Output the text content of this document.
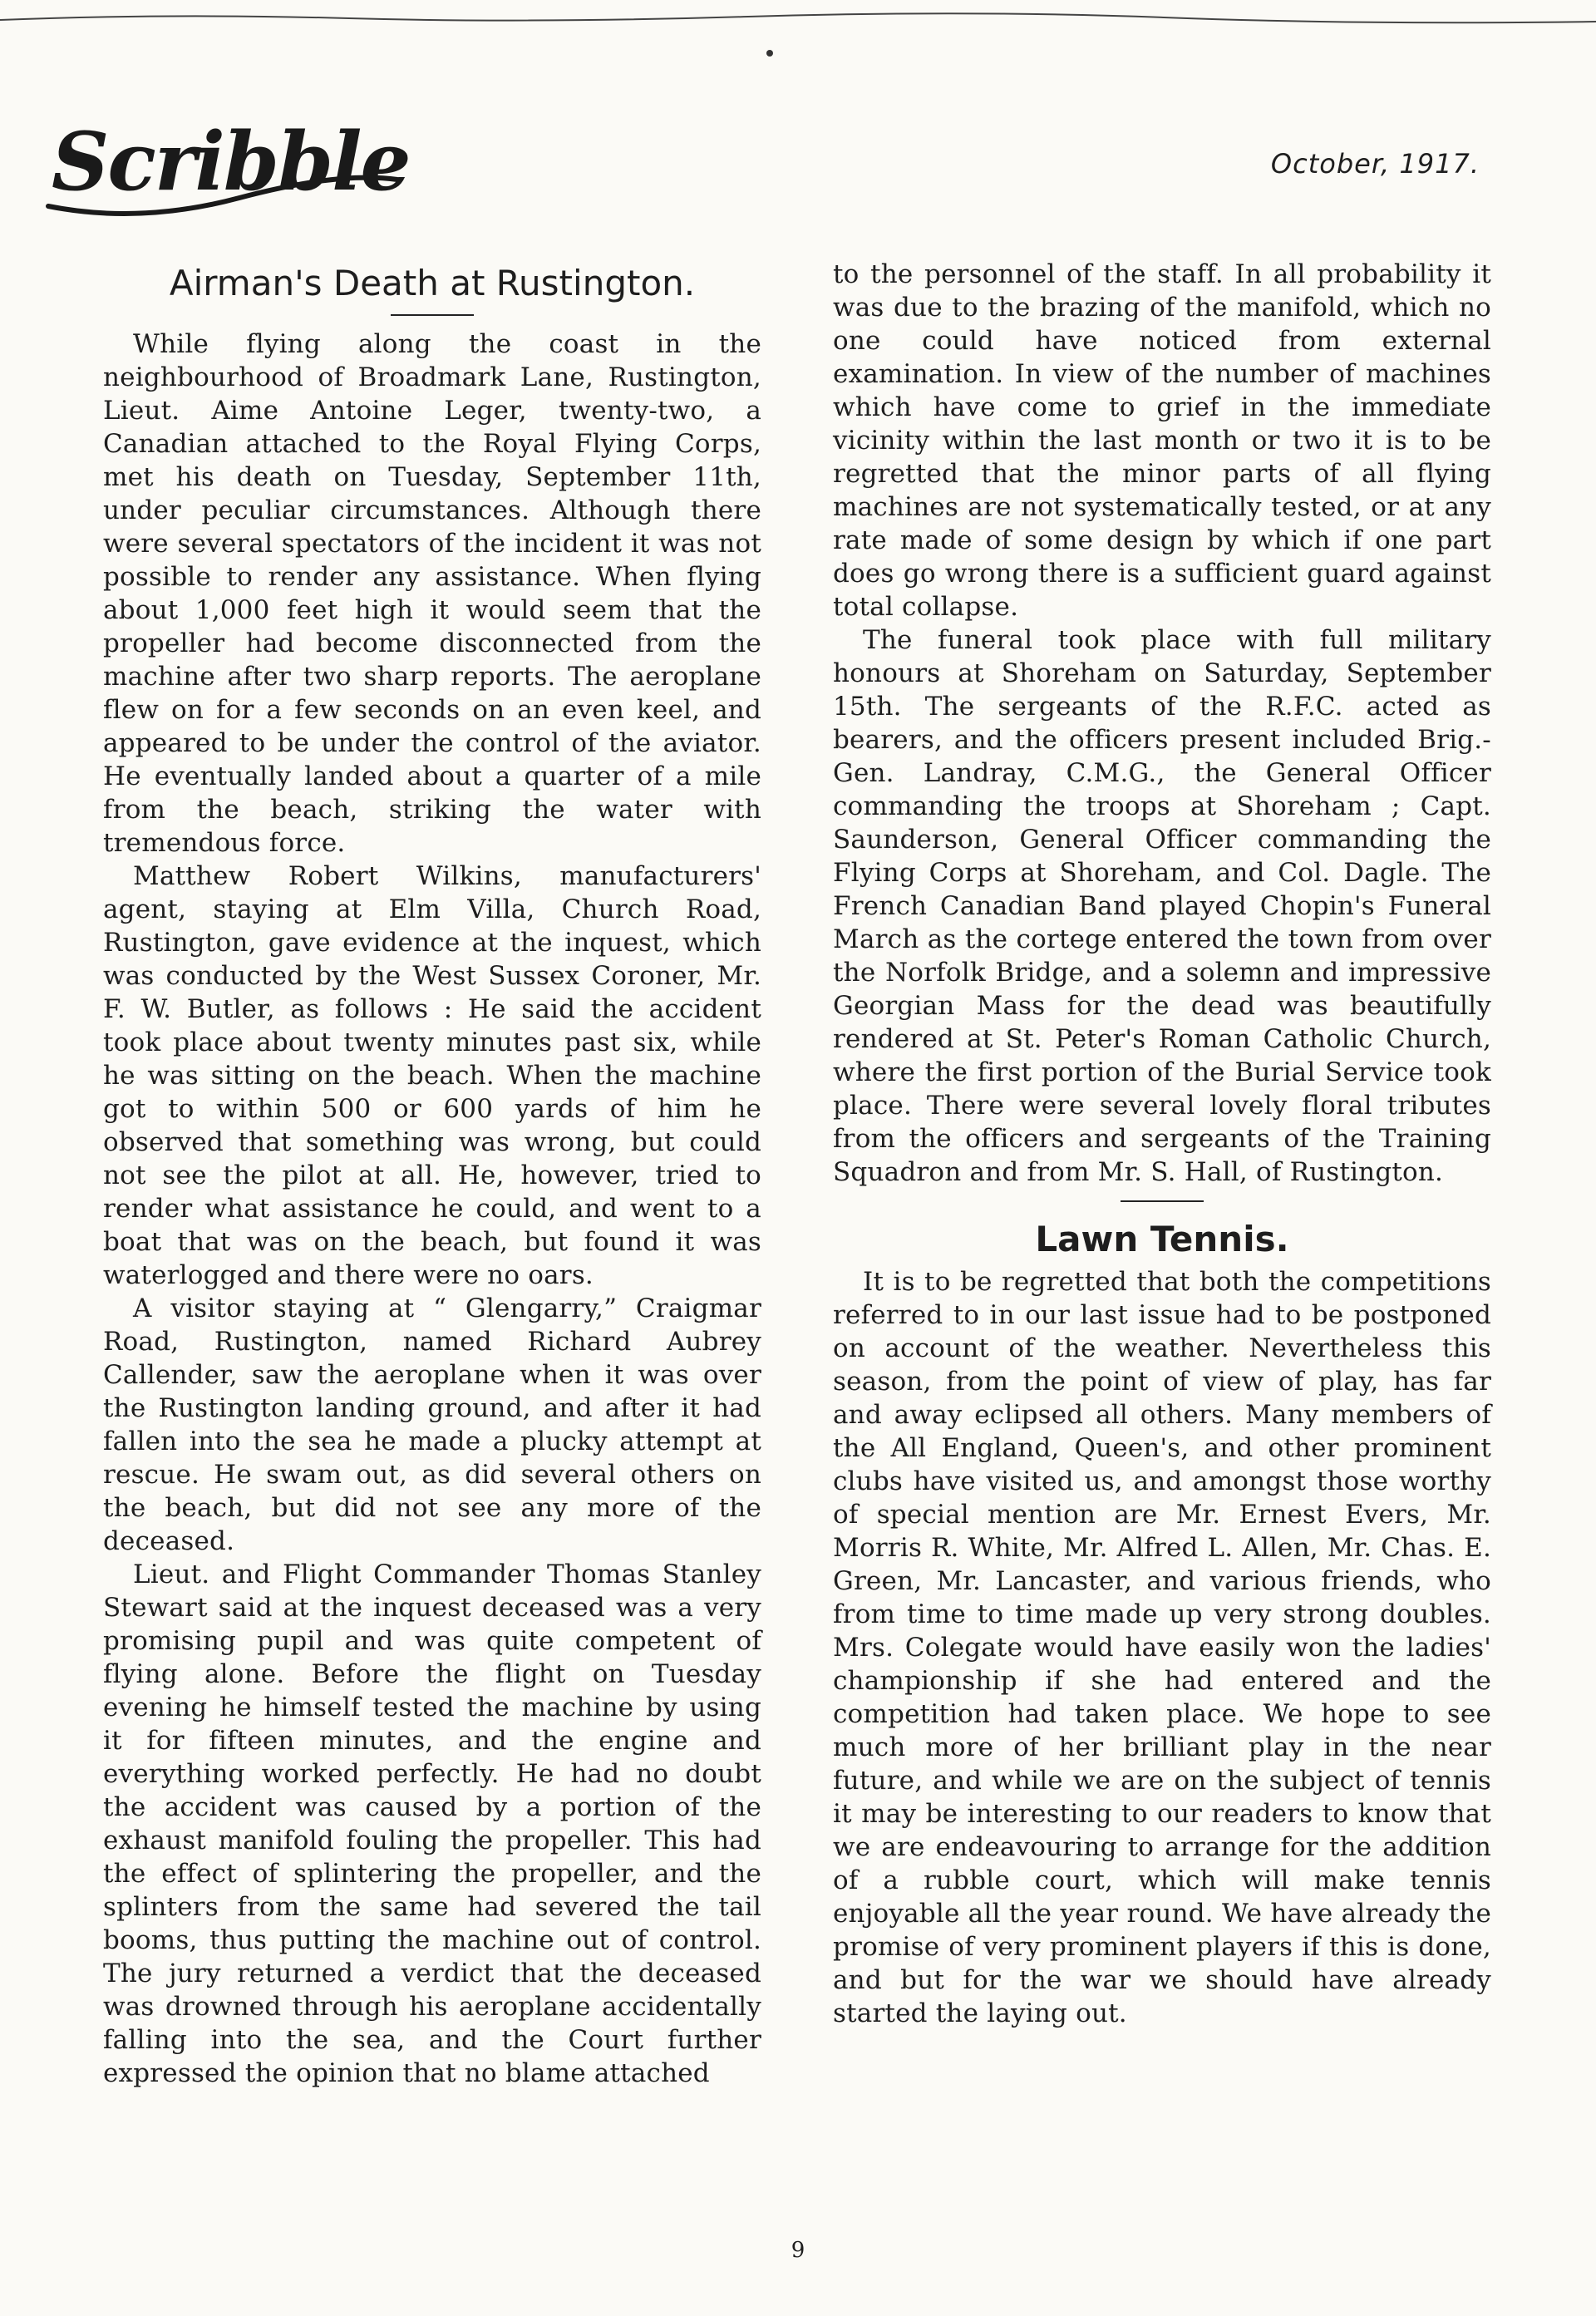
Scribble	October, 1917.
Airman's Death at Rustington.

While flying along the coast in the neighbourhood of Broadmark Lane, Rustington, Lieut. Aime Antoine Leger, twenty-two, a Canadian attached to the Royal Flying Corps, met his death on Tuesday, September 11th, under peculiar circumstances. Although there were several spectators of the incident it was not possible to render any assistance. When flying about 1,000 feet high it would seem that the propeller had become disconnected from the machine after two sharp reports. The aeroplane flew on for a few seconds on an even keel, and appeared to be under the control of the aviator. He eventually landed about a quarter of a mile from the beach, striking the water with tremendous force.

Matthew Robert Wilkins, manufacturers' agent, staying at Elm Villa, Church Road, Rustington, gave evidence at the inquest, which was conducted by the West Sussex Coroner, Mr. F. W. Butler, as follows : He said the accident took place about twenty minutes past six, while he was sitting on the beach. When the machine got to within 500 or 600 yards of him he observed that something was wrong, but could not see the pilot at all. He, however, tried to render what assistance he could, and went to a boat that was on the beach, but found it was waterlogged and there were no oars.

A visitor staying at “ Glengarry,” Craigmar Road, Rustington, named Richard Aubrey Callender, saw the aeroplane when it was over the Rustington landing ground, and after it had fallen into the sea he made a plucky attempt at rescue. He swam out, as did several others on the beach, but did not see any more of the deceased.

Lieut. and Flight Commander Thomas Stanley Stewart said at the inquest deceased was a very promising pupil and was quite competent of flying alone. Before the flight on Tuesday evening he himself tested the machine by using it for fifteen minutes, and the engine and everything worked perfectly. He had no doubt the accident was caused by a portion of the exhaust manifold fouling the propeller. This had the effect of splintering the propeller, and the splinters from the same had severed the tail booms, thus putting the machine out of control. The jury returned a verdict that the deceased was drowned through his aeroplane accidentally falling into the sea, and the Court further expressed the opinion that no blame attached

to the personnel of the staff. In all probability it was due to the brazing of the manifold, which no one could have noticed from external examination. In view of the number of machines which have come to grief in the immediate vicinity within the last month or two it is to be regretted that the minor parts of all flying machines are not systematically tested, or at any rate made of some design by which if one part does go wrong there is a sufficient guard against total collapse.

The funeral took place with full military honours at Shoreham on Saturday, September 15th. The sergeants of the R.F.C. acted as bearers, and the officers present included Brig.-Gen. Landray, C.M.G., the General Officer commanding the troops at Shoreham ; Capt. Saunderson, General Officer commanding the Flying Corps at Shoreham, and Col. Dagle. The French Canadian Band played Chopin's Funeral March as the cortege entered the town from over the Norfolk Bridge, and a solemn and impressive Georgian Mass for the dead was beautifully rendered at St. Peter's Roman Catholic Church, where the first portion of the Burial Service took place. There were several lovely floral tributes from the officers and sergeants of the Training Squadron and from Mr. S. Hall, of Rustington.

Lawn Tennis.

It is to be regretted that both the competitions referred to in our last issue had to be postponed on account of the weather. Nevertheless this season, from the point of view of play, has far and away eclipsed all others. Many members of the All England, Queen's, and other prominent clubs have visited us, and amongst those worthy of special mention are Mr. Ernest Evers, Mr. Morris R. White, Mr. Alfred L. Allen, Mr. Chas. E. Green, Mr. Lancaster, and various friends, who from time to time made up very strong doubles. Mrs. Colegate would have easily won the ladies' championship if she had entered and the competition had taken place. We hope to see much more of her brilliant play in the near future, and while we are on the subject of tennis it may be interesting to our readers to know that we are endeavouring to arrange for the addition of a rubble court, which will make tennis enjoyable all the year round. We have already the promise of very prominent players if this is done, and but for the war we should have already started the laying out.

9
